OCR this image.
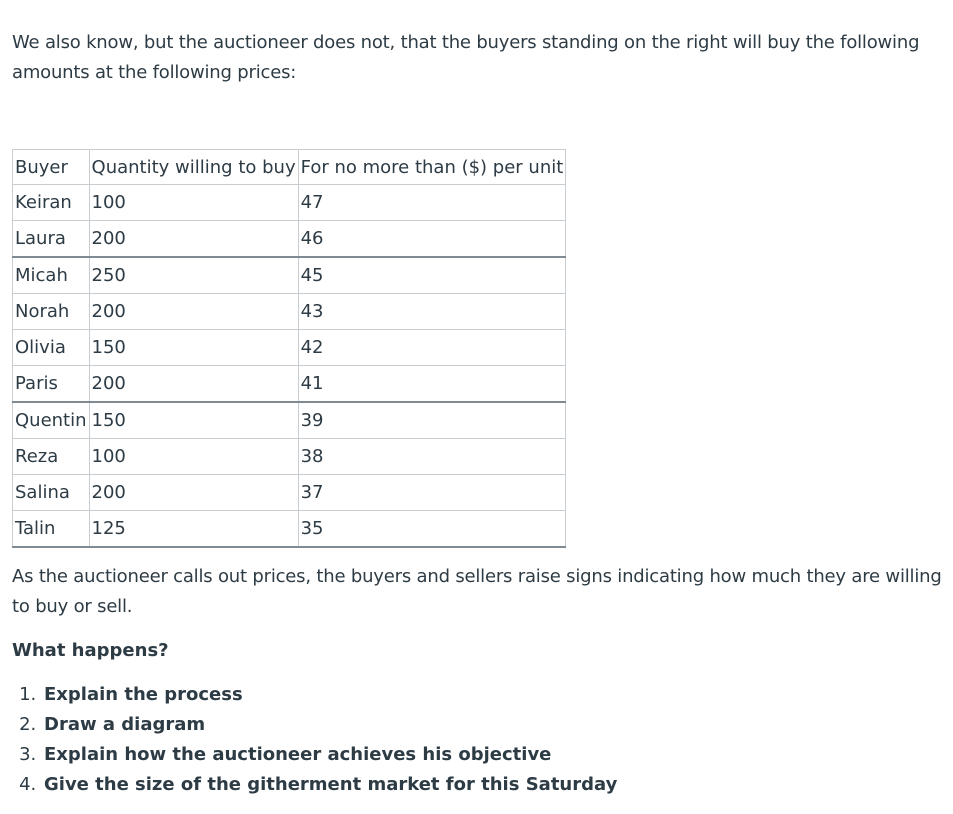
We also know, but the auctioneer does not, that the buyers standing on the right will buy the following amounts at the following prices:

Buyer	Quantity willing to buy	For no more than ($) per unit
Keiran	100	47
Laura	200	46
Micah	250	45
Norah	200	43
Olivia	150	42
Paris	200	41
Quentin	150	39
Reza	100	38
Salina	200	37
Talin	125	35

As the auctioneer calls out prices, the buyers and sellers raise signs indicating how much they are willing to buy or sell.

What happens?

1. Explain the process
2. Draw a diagram
3. Explain how the auctioneer achieves his objective
4. Give the size of the githerment market for this Saturday
